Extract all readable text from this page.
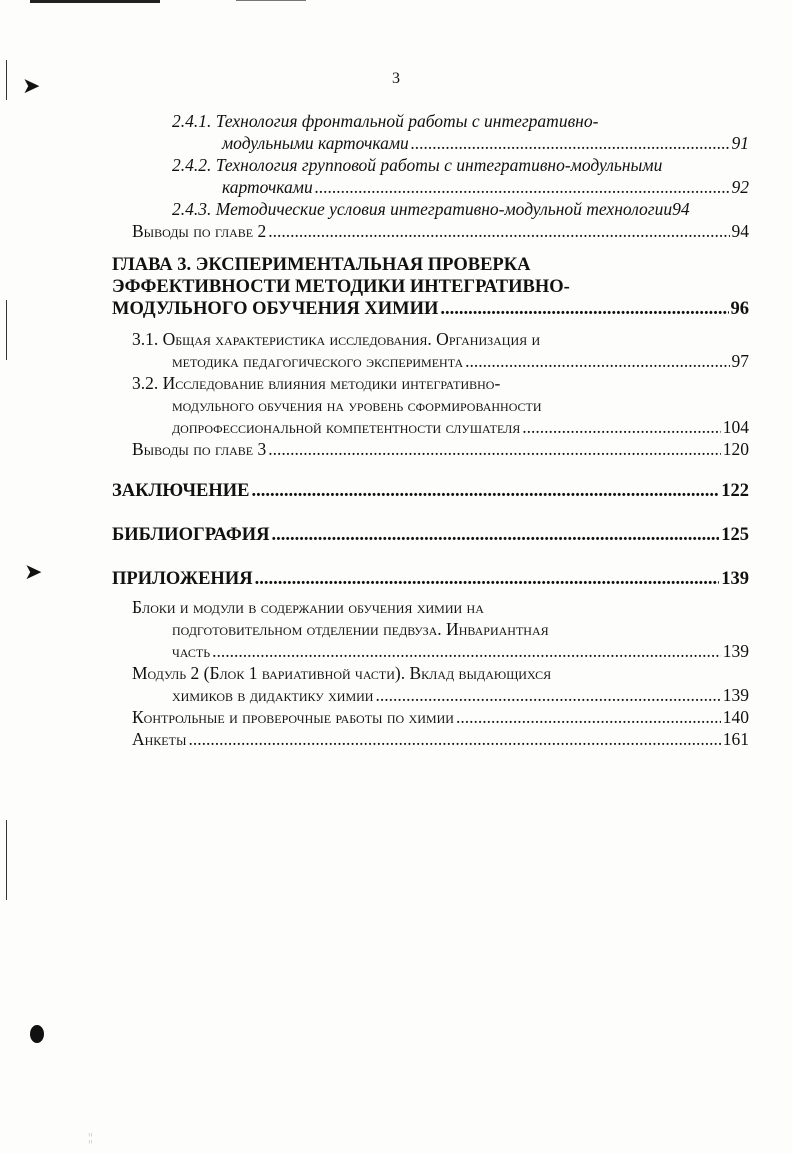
➤
➤
¦¦
3
2.4.1. Технология фронтальной работы с интегративно-
модульными карточками .....	91
2.4.2. Технология групповой работы с интегративно-модульными
карточками .....	92
2.4.3. Методические условия интегративно-модульной технологии 94
Выводы по главе 2 .....	94
ГЛАВА 3. ЭКСПЕРИМЕНТАЛЬНАЯ ПРОВЕРКА
ЭФФЕКТИВНОСТИ МЕТОДИКИ ИНТЕГРАТИВНО-
МОДУЛЬНОГО ОБУЧЕНИЯ ХИМИИ .....	96
3.1. Общая характеристика исследования. Организация и
методика педагогического эксперимента .....	97
3.2. Исследование влияния методики интегративно-
модульного обучения на уровень сформированности
допрофессиональной компетентности слушателя .....	104
Выводы по главе 3 .....	120
ЗАКЛЮЧЕНИЕ .....	122
БИБЛИОГРАФИЯ .....	125
ПРИЛОЖЕНИЯ .....	139
Блоки и модули в содержании обучения химии на
подготовительном отделении педвуза. Инвариантная
часть .....	139
Модуль 2 (Блок 1 вариативной части). Вклад выдающихся
химиков в дидактику химии .....	139
Контрольные и проверочные работы по химии .....	140
Анкеты .....	161
